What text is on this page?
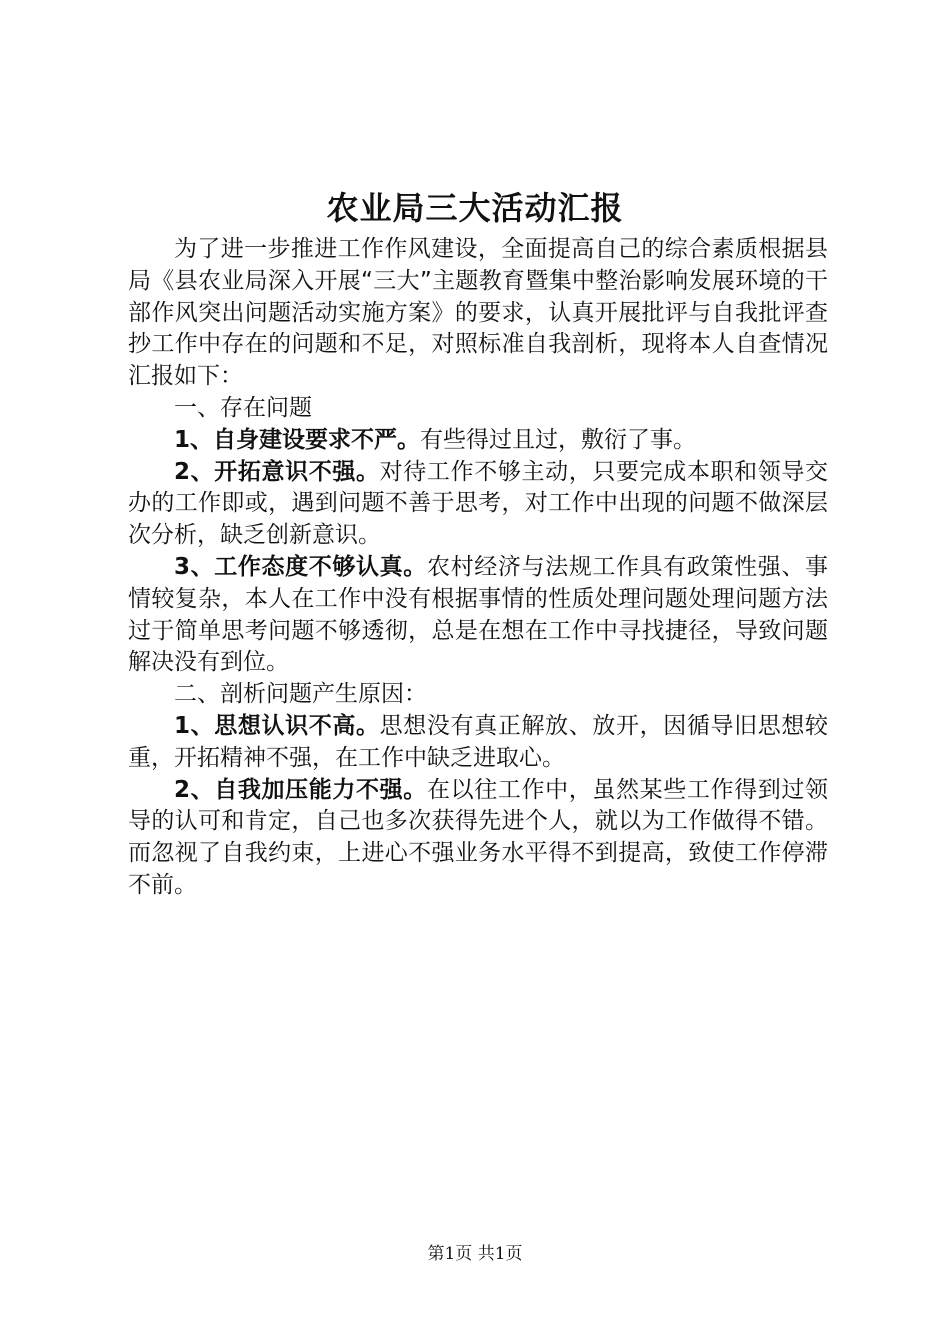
农业局三大活动汇报

为了进一步推进工作作风建设，全面提高自己的综合素质根据县局《县农业局深入开展“三大”主题教育暨集中整治影响发展环境的干部作风突出问题活动实施方案》的要求，认真开展批评与自我批评查抄工作中存在的问题和不足，对照标准自我剖析，现将本人自查情况汇报如下：

一、存在问题

1、自身建设要求不严。有些得过且过，敷衍了事。

2、开拓意识不强。对待工作不够主动，只要完成本职和领导交办的工作即或，遇到问题不善于思考，对工作中出现的问题不做深层次分析，缺乏创新意识。

3、工作态度不够认真。农村经济与法规工作具有政策性强、事情较复杂，本人在工作中没有根据事情的性质处理问题处理问题方法过于简单思考问题不够透彻，总是在想在工作中寻找捷径，导致问题解决没有到位。

二、剖析问题产生原因：

1、思想认识不高。思想没有真正解放、放开，因循导旧思想较重，开拓精神不强，在工作中缺乏进取心。

2、自我加压能力不强。在以往工作中，虽然某些工作得到过领导的认可和肯定，自己也多次获得先进个人，就以为工作做得不错。而忽视了自我约束，上进心不强业务水平得不到提高，致使工作停滞不前。

第1页 共1页
